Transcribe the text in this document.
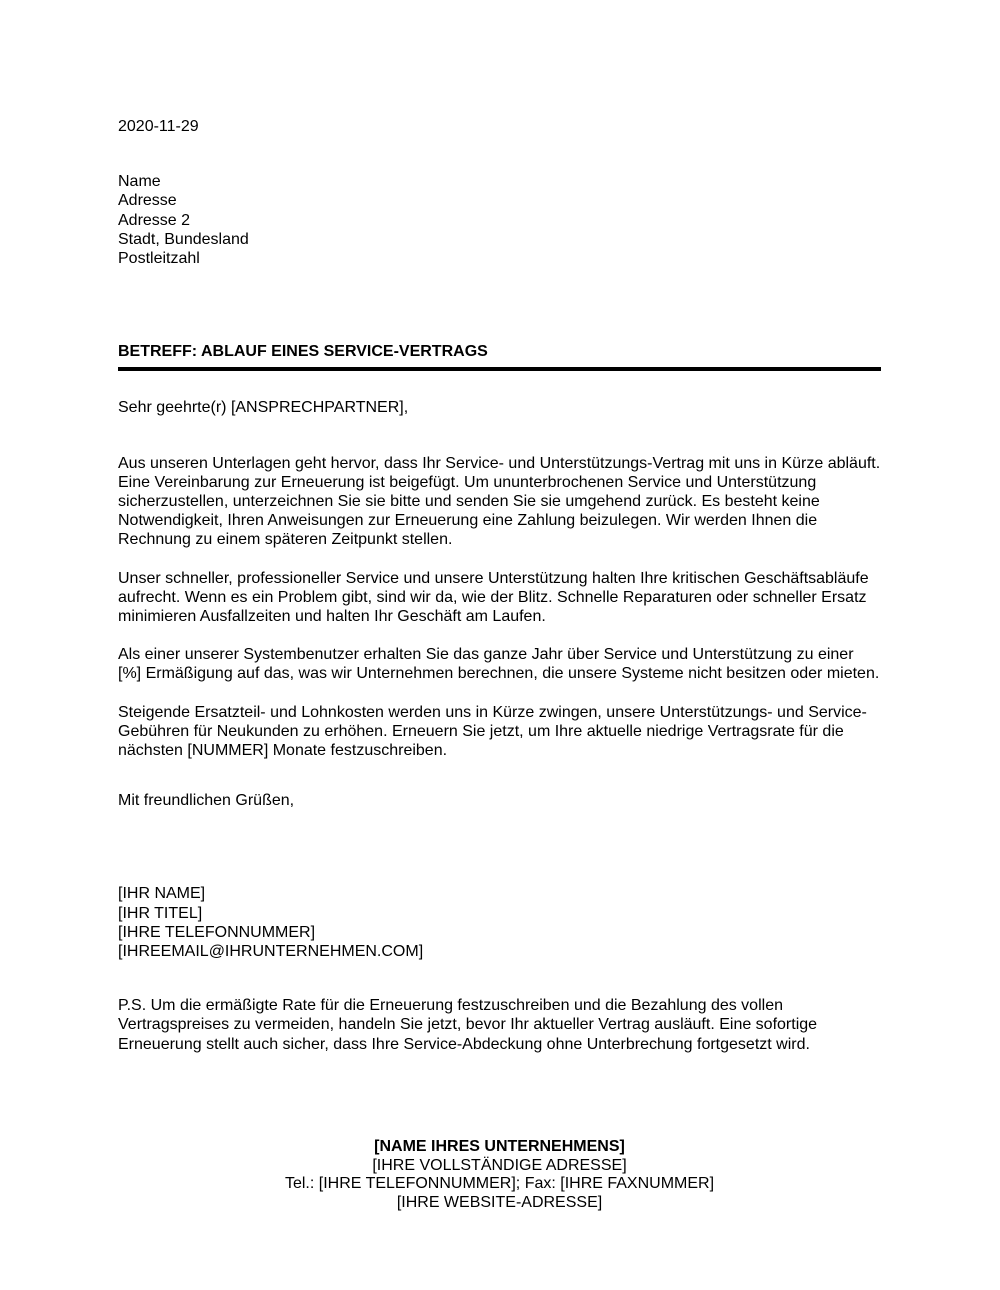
2020-11-29
Name
Adresse
Adresse 2
Stadt, Bundesland
Postleitzahl
BETREFF: ABLAUF EINES SERVICE-VERTRAGS

Sehr geehrte(r) [ANSPRECHPARTNER],

Aus unseren Unterlagen geht hervor, dass Ihr Service- und Unterstützungs-Vertrag mit uns in Kürze abläuft. Eine Vereinbarung zur Erneuerung ist beigefügt. Um ununterbrochenen Service und Unterstützung sicherzustellen, unterzeichnen Sie sie bitte und senden Sie sie umgehend zurück. Es besteht keine Notwendigkeit, Ihren Anweisungen zur Erneuerung eine Zahlung beizulegen. Wir werden Ihnen die Rechnung zu einem späteren Zeitpunkt stellen.

Unser schneller, professioneller Service und unsere Unterstützung halten Ihre kritischen Geschäftsabläufe aufrecht. Wenn es ein Problem gibt, sind wir da, wie der Blitz. Schnelle Reparaturen oder schneller Ersatz minimieren Ausfallzeiten und halten Ihr Geschäft am Laufen.

Als einer unserer Systembenutzer erhalten Sie das ganze Jahr über Service und Unterstützung zu einer [%] Ermäßigung auf das, was wir Unternehmen berechnen, die unsere Systeme nicht besitzen oder mieten.

Steigende Ersatzteil- und Lohnkosten werden uns in Kürze zwingen, unsere Unterstützungs- und Service-Gebühren für Neukunden zu erhöhen. Erneuern Sie jetzt, um Ihre aktuelle niedrige Vertragsrate für die nächsten [NUMMER] Monate festzuschreiben.

Mit freundlichen Grüßen,

[IHR NAME]
[IHR TITEL]
[IHRE TELEFONNUMMER]
[IHREEMAIL@IHRUNTERNEHMEN.COM]

P.S. Um die ermäßigte Rate für die Erneuerung festzuschreiben und die Bezahlung des vollen Vertragspreises zu vermeiden, handeln Sie jetzt, bevor Ihr aktueller Vertrag ausläuft. Eine sofortige Erneuerung stellt auch sicher, dass Ihre Service-Abdeckung ohne Unterbrechung fortgesetzt wird.

[NAME IHRES UNTERNEHMENS]
[IHRE VOLLSTÄNDIGE ADRESSE]
Tel.: [IHRE TELEFONNUMMER]; Fax: [IHRE FAXNUMMER]
[IHRE WEBSITE-ADRESSE]
